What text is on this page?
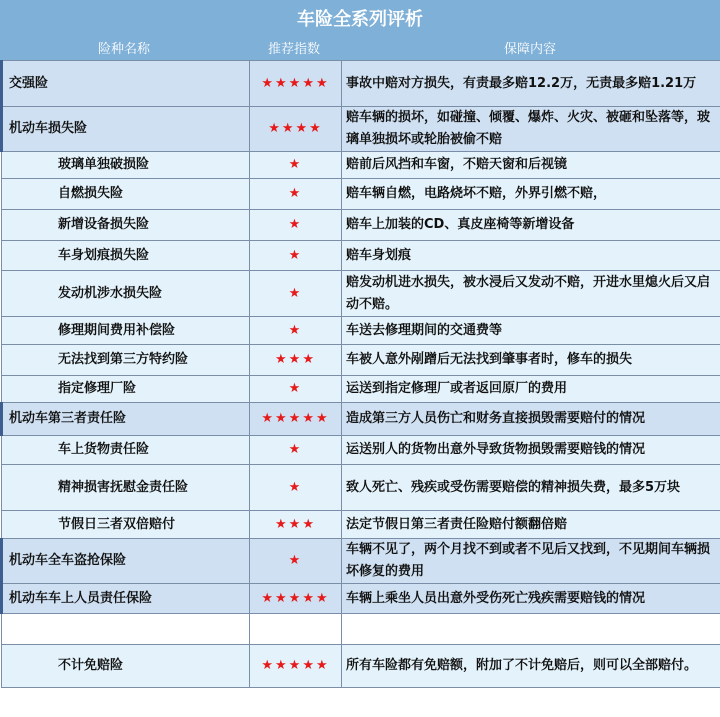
车险全系列评析
险种名称	推荐指数	保障内容
交强险	★★★★★	事故中赔对方损失，有责最多赔12.2万，无责最多赔1.21万
机动车损失险	★★★★	赔车辆的损坏，如碰撞、倾覆、爆炸、火灾、被砸和坠落等，玻璃单独损坏或轮胎被偷不赔
玻璃单独破损险	★	赔前后风挡和车窗，不赔天窗和后视镜
自燃损失险	★	赔车辆自燃，电路烧坏不赔，外界引燃不赔，
新增设备损失险	★	赔车上加装的CD、真皮座椅等新增设备
车身划痕损失险	★	赔车身划痕
发动机涉水损失险	★	赔发动机进水损失，被水浸后又发动不赔，开进水里熄火后又启动不赔。
修理期间费用补偿险	★	车送去修理期间的交通费等
无法找到第三方特约险	★★★	车被人意外剐蹭后无法找到肇事者时，修车的损失
指定修理厂险	★	运送到指定修理厂或者返回原厂的费用
机动车第三者责任险	★★★★★	造成第三方人员伤亡和财务直接损毁需要赔付的情况
车上货物责任险	★	运送别人的货物出意外导致货物损毁需要赔钱的情况
精神损害抚慰金责任险	★	致人死亡、残疾或受伤需要赔偿的精神损失费，最多5万块
节假日三者双倍赔付	★★★	法定节假日第三者责任险赔付额翻倍赔
机动车全车盗抢保险	★	车辆不见了，两个月找不到或者不见后又找到，不见期间车辆损坏修复的费用
机动车车上人员责任保险	★★★★★	车辆上乘坐人员出意外受伤死亡残疾需要赔钱的情况

不计免赔险	★★★★★	所有车险都有免赔额，附加了不计免赔后，则可以全部赔付。
